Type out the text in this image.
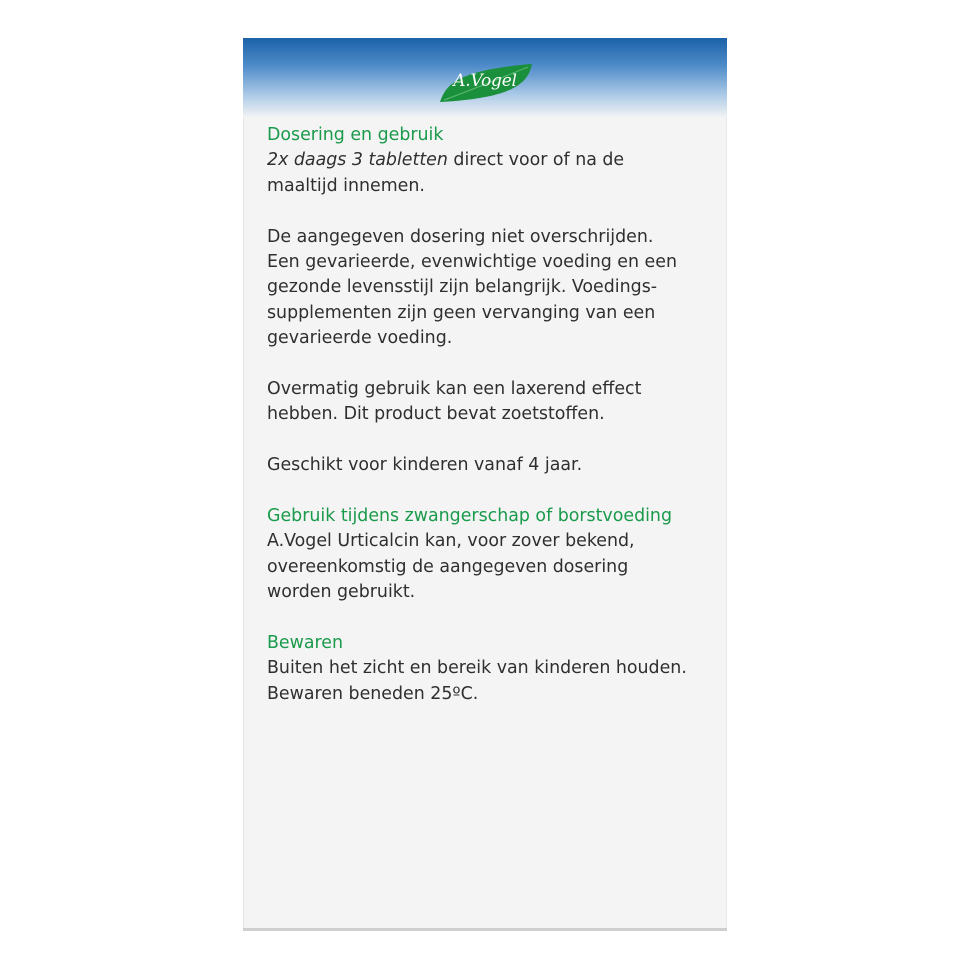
A.Vogel

Dosering en gebruik

2x daags 3 tabletten direct voor of na de

maaltijd innemen.

De aangegeven dosering niet overschrijden.

Een gevarieerde, evenwichtige voeding en een

gezonde levensstijl zijn belangrijk. Voedings-

supplementen zijn geen vervanging van een

gevarieerde voeding.

Overmatig gebruik kan een laxerend effect

hebben. Dit product bevat zoetstoffen.

Geschikt voor kinderen vanaf 4 jaar.

Gebruik tijdens zwangerschap of borstvoeding

A.Vogel Urticalcin kan, voor zover bekend,

overeenkomstig de aangegeven dosering

worden gebruikt.

Bewaren

Buiten het zicht en bereik van kinderen houden.

Bewaren beneden 25ºC.
